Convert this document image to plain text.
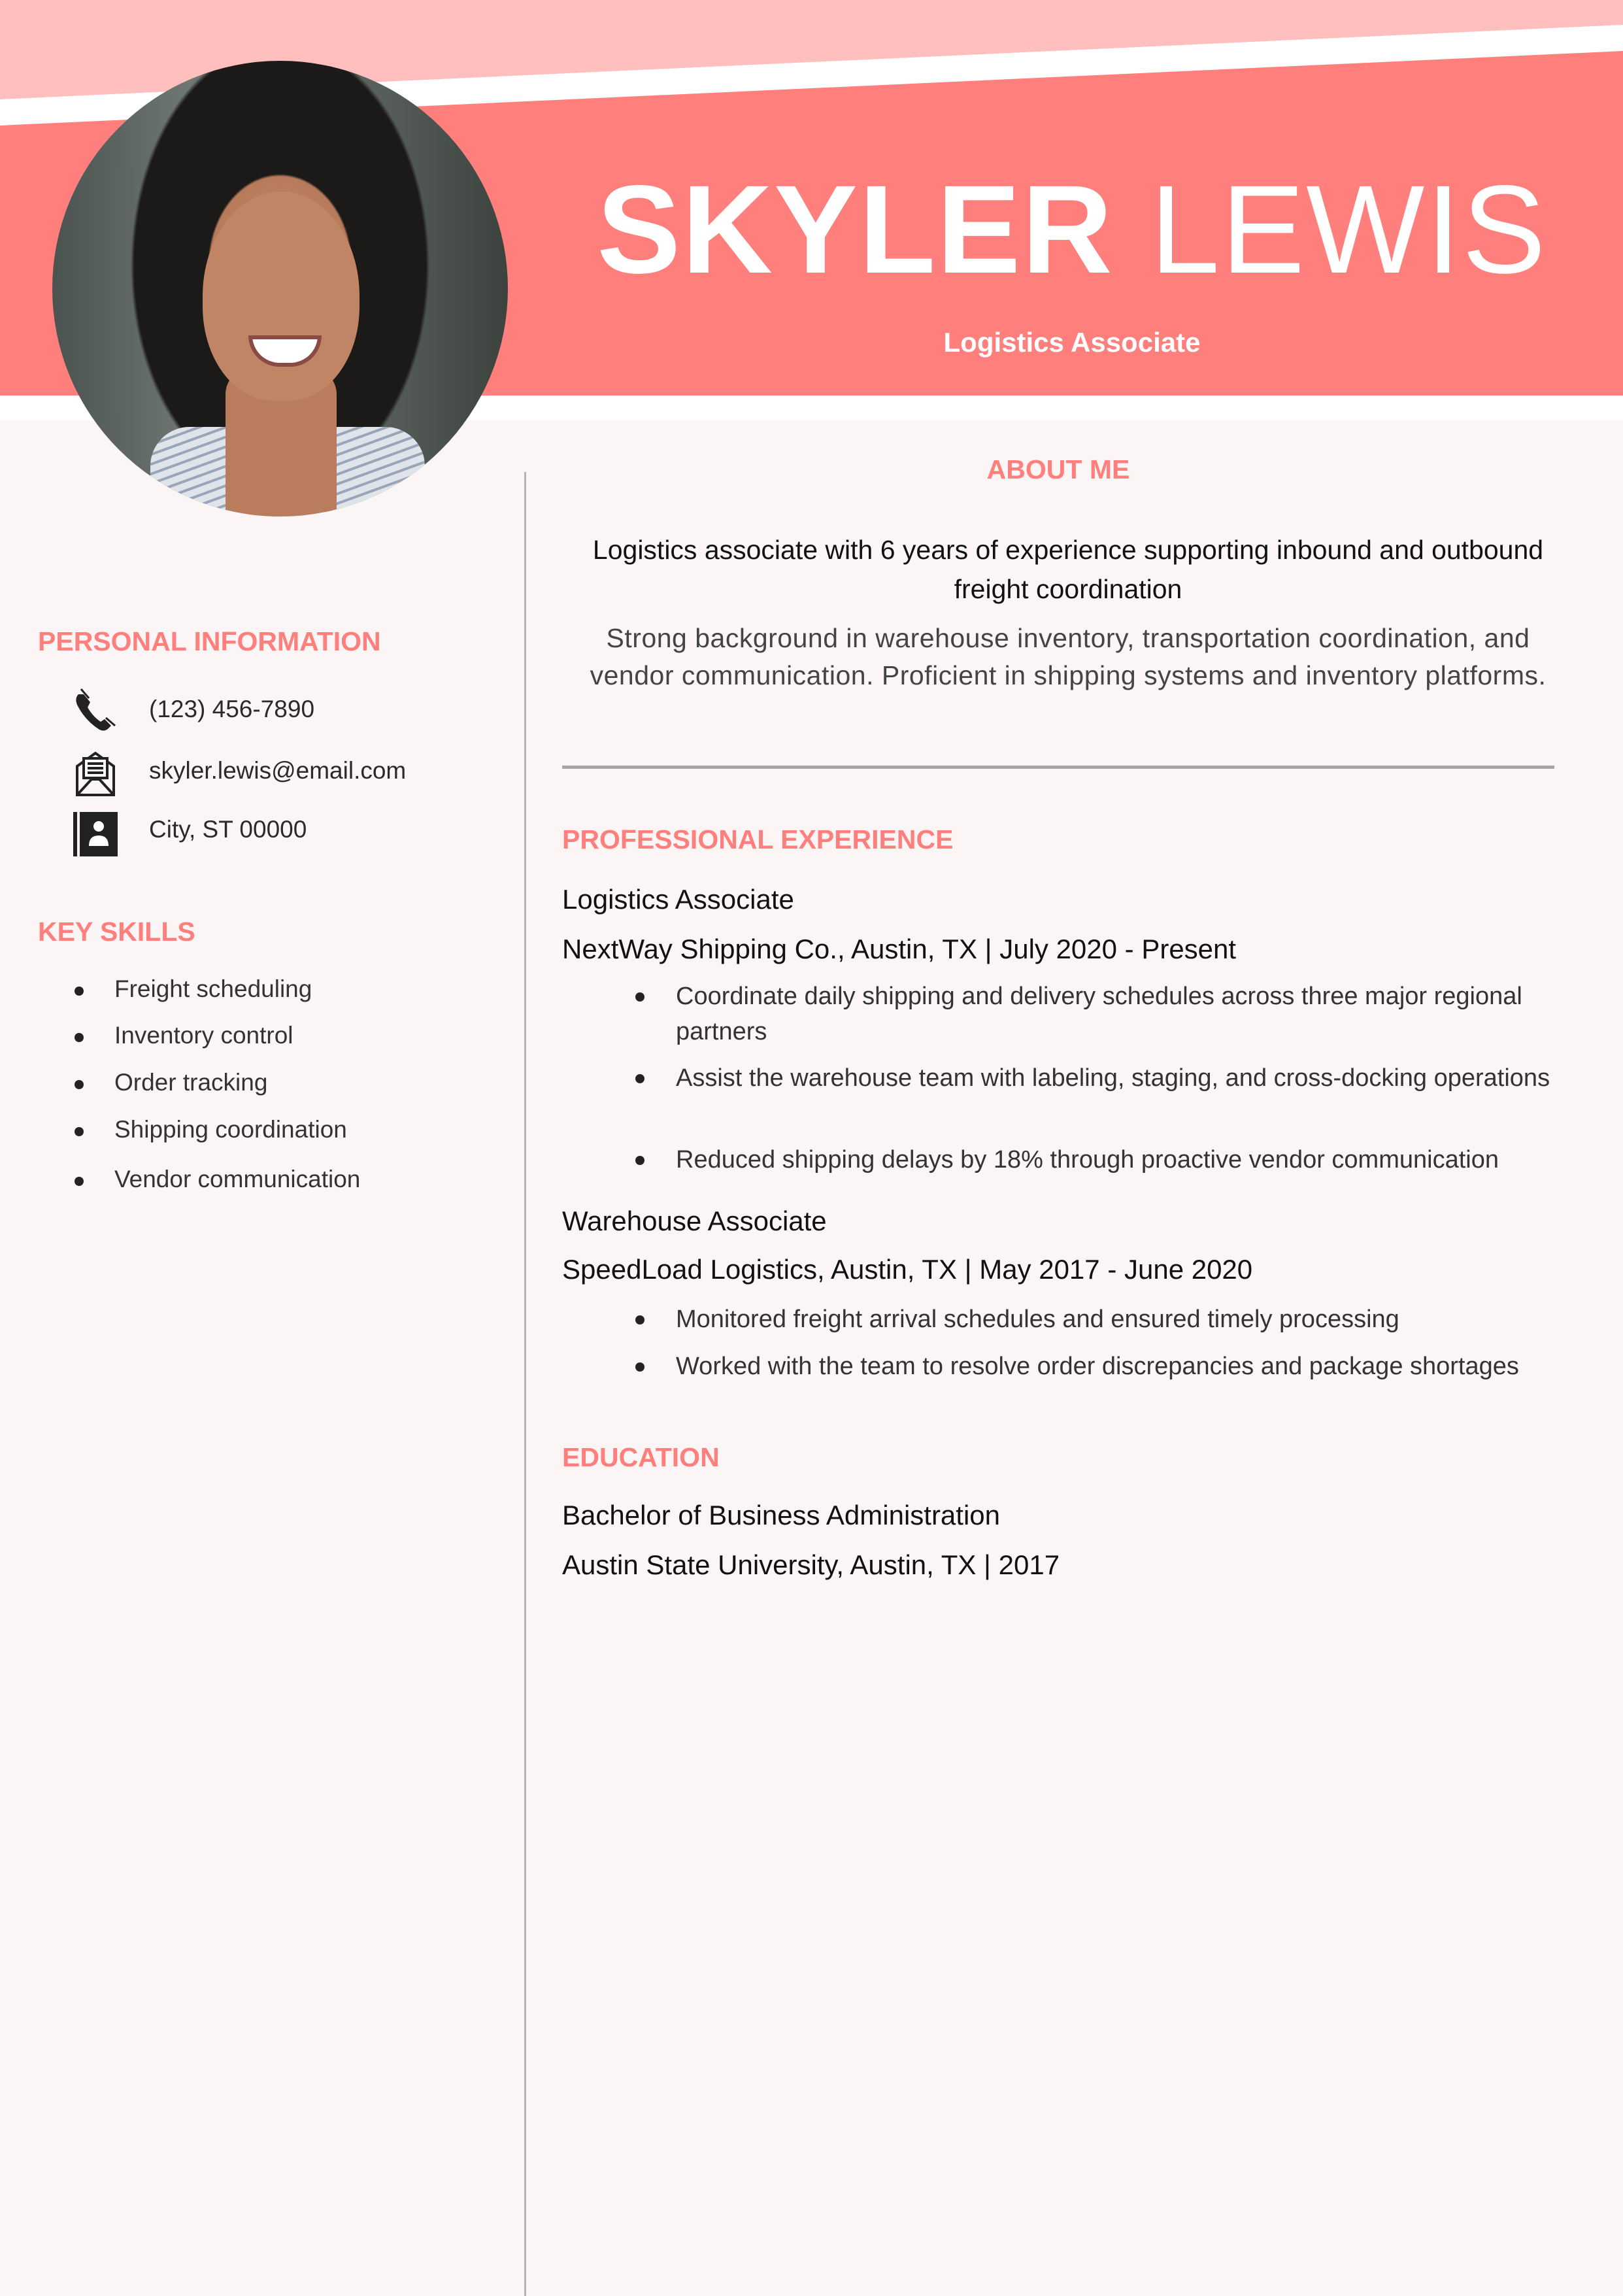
SKYLER LEWIS
Logistics Associate
PERSONAL INFORMATION
(123) 456-7890
skyler.lewis@email.com
City, ST 00000
KEY SKILLS
Freight scheduling
Inventory control
Order tracking
Shipping coordination
Vendor communication
ABOUT ME
Logistics associate with 6 years of experience supporting inbound and outbound freight coordination
Strong background in warehouse inventory, transportation coordination, and vendor communication. Proficient in shipping systems and inventory platforms.
PROFESSIONAL EXPERIENCE
Logistics Associate
NextWay Shipping Co., Austin, TX | July 2020 - Present
Coordinate daily shipping and delivery schedules across three major regional partners
Assist the warehouse team with labeling, staging, and cross-docking operations
Reduced shipping delays by 18% through proactive vendor communication
Warehouse Associate
SpeedLoad Logistics, Austin, TX | May 2017 - June 2020
Monitored freight arrival schedules and ensured timely processing
Worked with the team to resolve order discrepancies and package shortages
EDUCATION
Bachelor of Business Administration
Austin State University, Austin, TX | 2017
